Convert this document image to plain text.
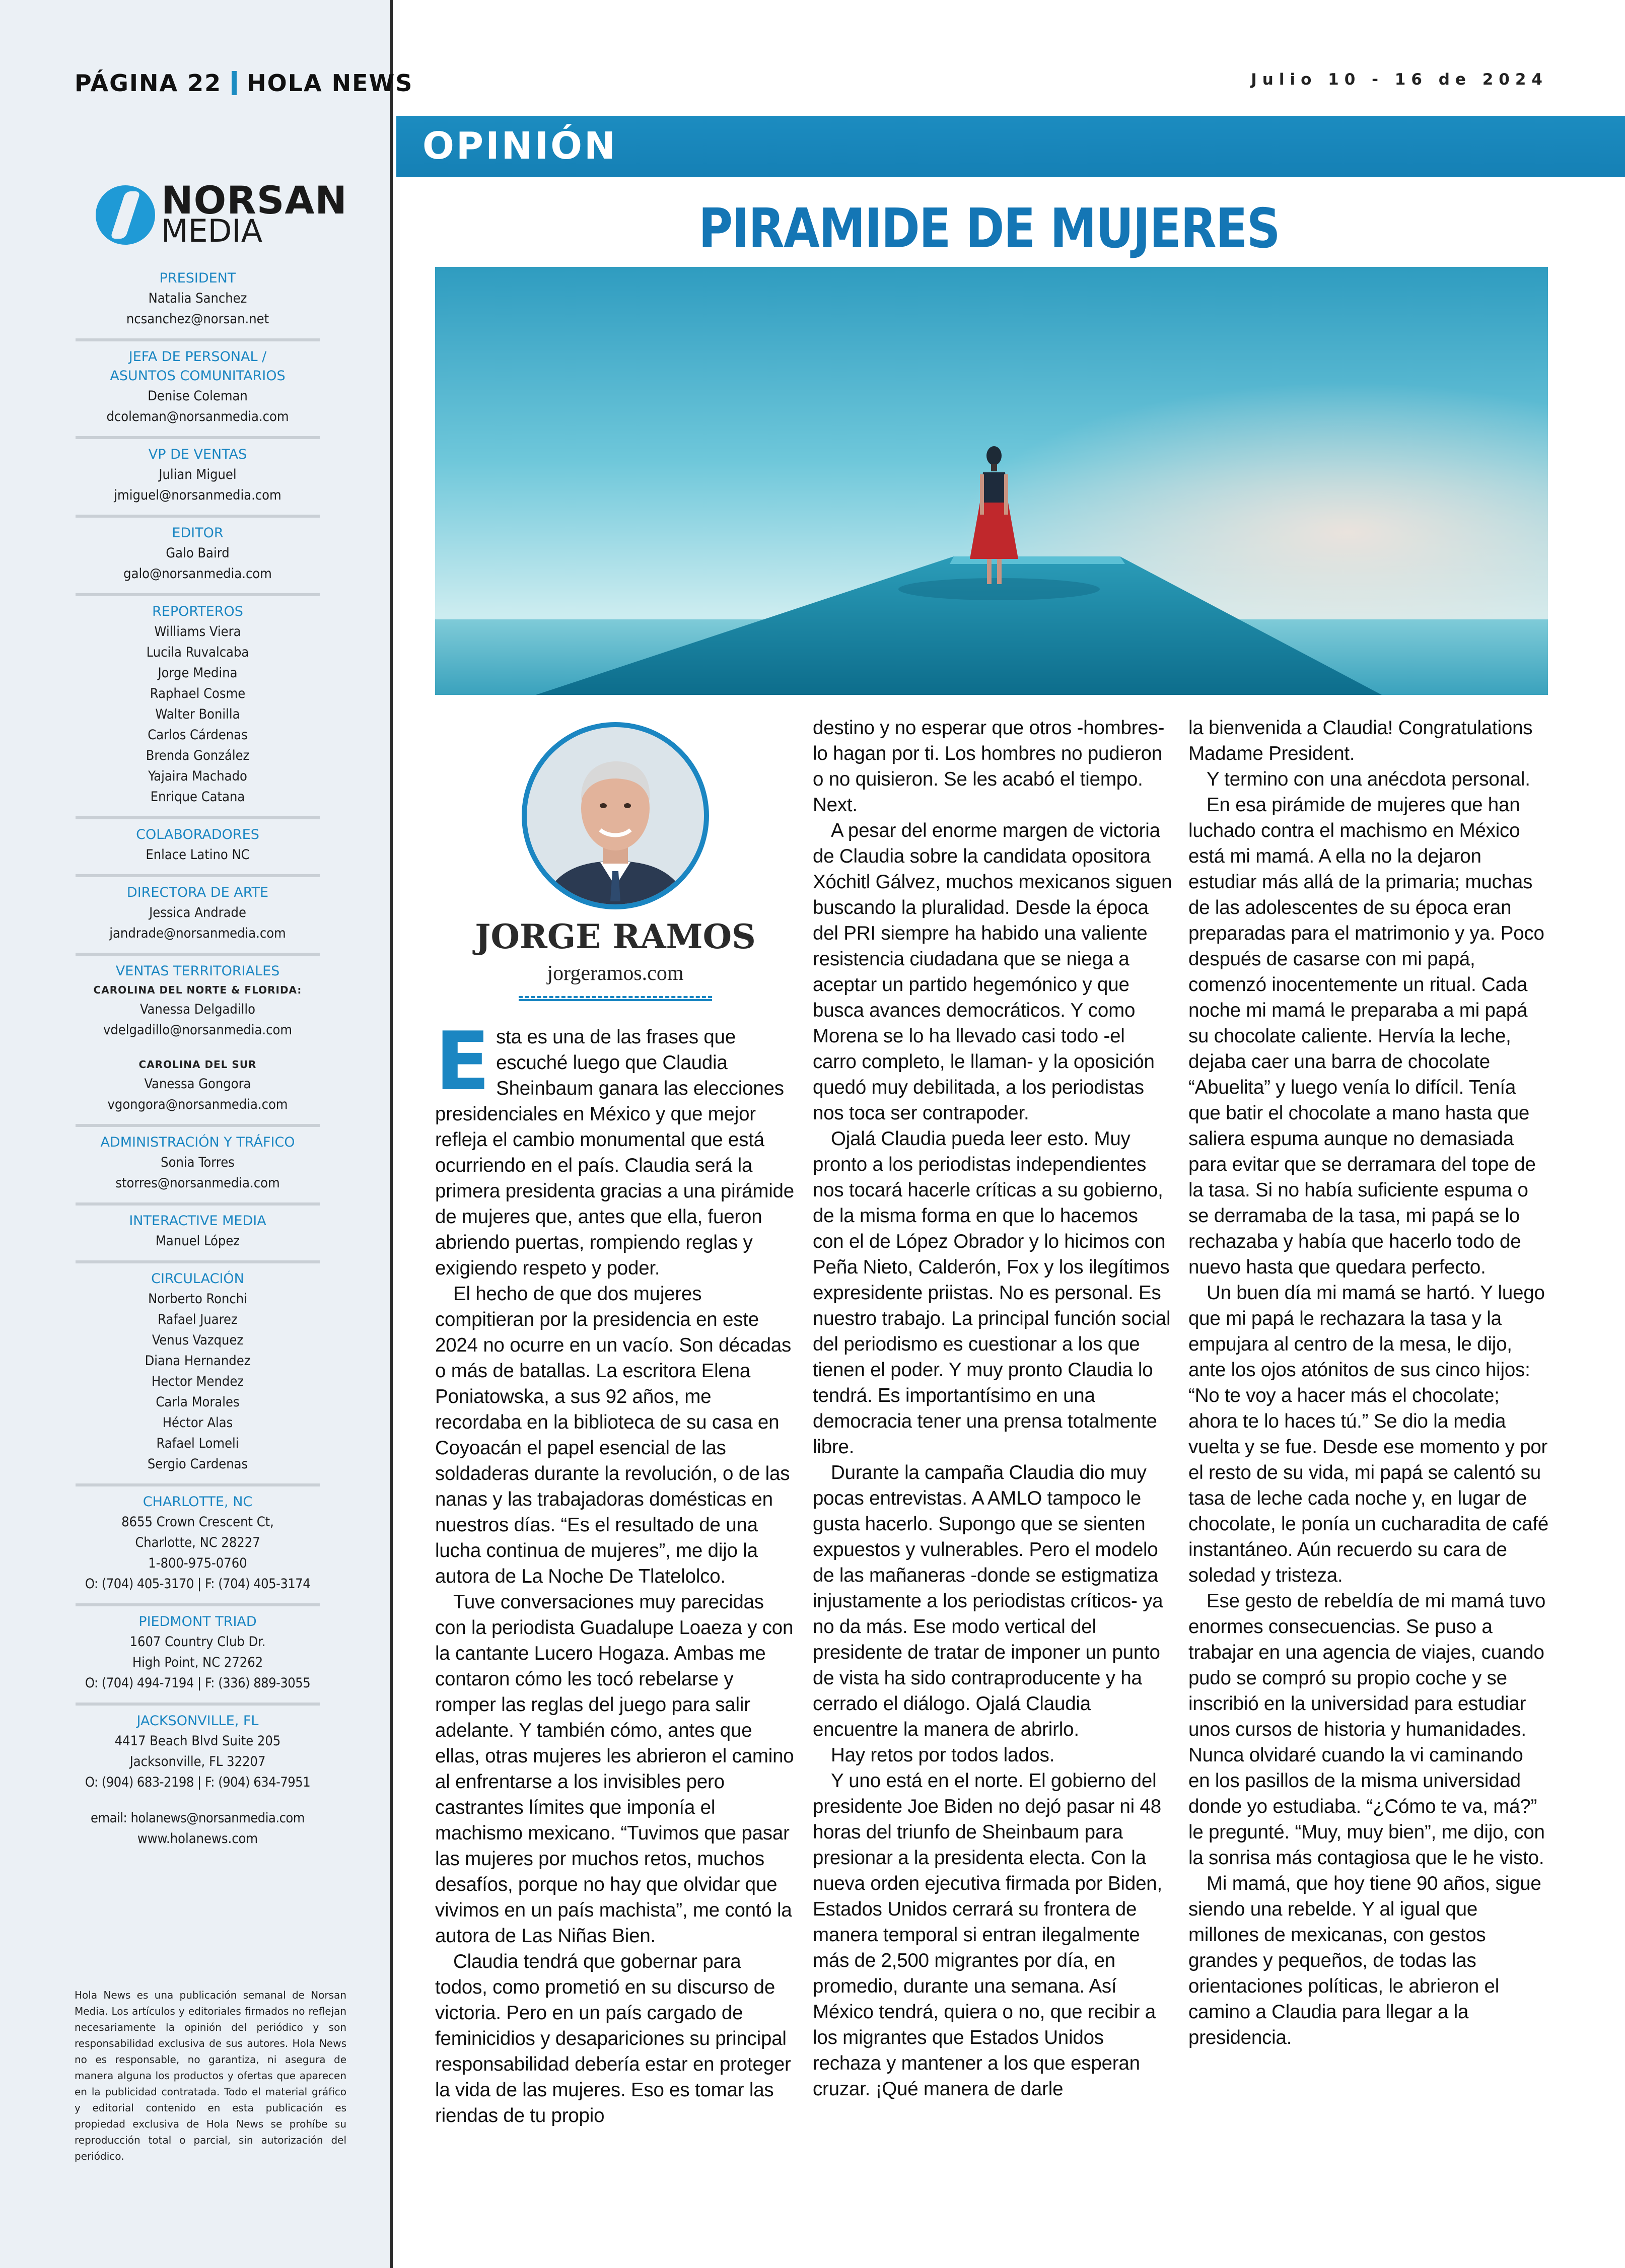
PÁGINA 22 HOLA NEWS
NORSAN
MEDIA
PRESIDENT
Natalia Sanchez
ncsanchez@norsan.net
JEFA DE PERSONAL /
ASUNTOS COMUNITARIOS
Denise Coleman
dcoleman@norsanmedia.com
VP DE VENTAS
Julian Miguel
jmiguel@norsanmedia.com
EDITOR
Galo Baird
galo@norsanmedia.com
REPORTEROS
Williams Viera
Lucila Ruvalcaba
Jorge Medina
Raphael Cosme
Walter Bonilla
Carlos Cárdenas
Brenda González
Yajaira Machado
Enrique Catana
COLABORADORES
Enlace Latino NC
DIRECTORA DE ARTE
Jessica Andrade
jandrade@norsanmedia.com
VENTAS TERRITORIALES
CAROLINA DEL NORTE & FLORIDA:
Vanessa Delgadillo
vdelgadillo@norsanmedia.com
CAROLINA DEL SUR
Vanessa Gongora
vgongora@norsanmedia.com
ADMINISTRACIÓN Y TRÁFICO
Sonia Torres
storres@norsanmedia.com
INTERACTIVE MEDIA
Manuel López
CIRCULACIÓN
Norberto Ronchi
Rafael Juarez
Venus Vazquez
Diana Hernandez
Hector Mendez
Carla Morales
Héctor Alas
Rafael Lomeli
Sergio Cardenas
CHARLOTTE, NC
8655 Crown Crescent Ct,
Charlotte, NC 28227
1-800-975-0760
O: (704) 405-3170 | F: (704) 405-3174
PIEDMONT TRIAD
1607 Country Club Dr.
High Point, NC 27262
O: (704) 494-7194 | F: (336) 889-3055
JACKSONVILLE, FL
4417 Beach Blvd Suite 205
Jacksonville, FL 32207
O: (904) 683-2198 | F: (904) 634-7951
email: holanews@norsanmedia.com
www.holanews.com

Hola News es una publicación semanal de Norsan Media. Los artículos y editoriales firmados no reflejan necesariamente la opinión del periódico y son responsabilidad exclusiva de sus autores. Hola News no es responsable, no garantiza, ni asegura de manera alguna los productos y ofertas que aparecen en la publicidad contratada. Todo el material gráfico y editorial contenido en esta publicación es propiedad exclusiva de Hola News se prohíbe su reproducción total o parcial, sin autorización del periódico.

Julio 10 - 16 de 2024
OPINIÓN
PIRAMIDE DE MUJERES
JORGE RAMOS
jorgeramos.com

Esta es una de las frases que escuché luego que Claudia Sheinbaum ganara las elecciones presidenciales en México y que mejor refleja el cambio monumental que está ocurriendo en el país. Claudia será la primera presidenta gracias a una pirámide de mujeres que, antes que ella, fueron abriendo puertas, rompiendo reglas y exigiendo respeto y poder.

El hecho de que dos mujeres compitieran por la presidencia en este 2024 no ocurre en un vacío. Son décadas o más de batallas. La escritora Elena Poniatowska, a sus 92 años, me recordaba en la biblioteca de su casa en Coyoacán el papel esencial de las soldaderas durante la revolución, o de las nanas y las trabajadoras domésticas en nuestros días. “Es el resultado de una lucha continua de mujeres”, me dijo la autora de La Noche De Tlatelolco.

Tuve conversaciones muy parecidas con la periodista Guadalupe Loaeza y con la cantante Lucero Hogaza. Ambas me contaron cómo les tocó rebelarse y romper las reglas del juego para salir adelante. Y también cómo, antes que ellas, otras mujeres les abrieron el camino al enfrentarse a los invisibles pero castrantes límites que imponía el machismo mexicano. “Tuvimos que pasar las mujeres por muchos retos, muchos desafíos, porque no hay que olvidar que vivimos en un país machista”, me contó la autora de Las Niñas Bien.

Claudia tendrá que gobernar para todos, como prometió en su discurso de victoria. Pero en un país cargado de feminicidios y desapariciones su principal responsabilidad debería estar en proteger la vida de las mujeres. Eso es tomar las riendas de tu propio

destino y no esperar que otros -hombres- lo hagan por ti. Los hombres no pudieron o no quisieron. Se les acabó el tiempo. Next.

A pesar del enorme margen de victoria de Claudia sobre la candidata opositora Xóchitl Gálvez, muchos mexicanos siguen buscando la pluralidad. Desde la época del PRI siempre ha habido una valiente resistencia ciudadana que se niega a aceptar un partido hegemónico y que busca avances democráticos. Y como Morena se lo ha llevado casi todo -el carro completo, le llaman- y la oposición quedó muy debilitada, a los periodistas nos toca ser contrapoder.

Ojalá Claudia pueda leer esto. Muy pronto a los periodistas independientes nos tocará hacerle críticas a su gobierno, de la misma forma en que lo hacemos con el de López Obrador y lo hicimos con Peña Nieto, Calderón, Fox y los ilegítimos expresidente priistas. No es personal. Es nuestro trabajo. La principal función social del periodismo es cuestionar a los que tienen el poder. Y muy pronto Claudia lo tendrá. Es importantísimo en una democracia tener una prensa totalmente libre.

Durante la campaña Claudia dio muy pocas entrevistas. A AMLO tampoco le gusta hacerlo. Supongo que se sienten expuestos y vulnerables. Pero el modelo de las mañaneras -donde se estigmatiza injustamente a los periodistas críticos- ya no da más. Ese modo vertical del presidente de tratar de imponer un punto de vista ha sido contraproducente y ha cerrado el diálogo. Ojalá Claudia encuentre la manera de abrirlo.

Hay retos por todos lados.

Y uno está en el norte. El gobierno del presidente Joe Biden no dejó pasar ni 48 horas del triunfo de Sheinbaum para presionar a la presidenta electa. Con la nueva orden ejecutiva firmada por Biden, Estados Unidos cerrará su frontera de manera temporal si entran ilegalmente más de 2,500 migrantes por día, en promedio, durante una semana. Así México tendrá, quiera o no, que recibir a los migrantes que Estados Unidos rechaza y mantener a los que esperan cruzar. ¡Qué manera de darle

la bienvenida a Claudia! Congratulations Madame President.

Y termino con una anécdota personal.

En esa pirámide de mujeres que han luchado contra el machismo en México está mi mamá. A ella no la dejaron estudiar más allá de la primaria; muchas de las adolescentes de su época eran preparadas para el matrimonio y ya. Poco después de casarse con mi papá, comenzó inocentemente un ritual. Cada noche mi mamá le preparaba a mi papá su chocolate caliente. Hervía la leche, dejaba caer una barra de chocolate “Abuelita” y luego venía lo difícil. Tenía que batir el chocolate a mano hasta que saliera espuma aunque no demasiada para evitar que se derramara del tope de la tasa. Si no había suficiente espuma o se derramaba de la tasa, mi papá se lo rechazaba y había que hacerlo todo de nuevo hasta que quedara perfecto.

Un buen día mi mamá se hartó. Y luego que mi papá le rechazara la tasa y la empujara al centro de la mesa, le dijo, ante los ojos atónitos de sus cinco hijos: “No te voy a hacer más el chocolate; ahora te lo haces tú.” Se dio la media vuelta y se fue. Desde ese momento y por el resto de su vida, mi papá se calentó su tasa de leche cada noche y, en lugar de chocolate, le ponía un cucharadita de café instantáneo. Aún recuerdo su cara de soledad y tristeza.

Ese gesto de rebeldía de mi mamá tuvo enormes consecuencias. Se puso a trabajar en una agencia de viajes, cuando pudo se compró su propio coche y se inscribió en la universidad para estudiar unos cursos de historia y humanidades. Nunca olvidaré cuando la vi caminando en los pasillos de la misma universidad donde yo estudiaba. “¿Cómo te va, má?” le pregunté. “Muy, muy bien”, me dijo, con la sonrisa más contagiosa que le he visto.

Mi mamá, que hoy tiene 90 años, sigue siendo una rebelde. Y al igual que millones de mexicanas, con gestos grandes y pequeños, de todas las orientaciones políticas, le abrieron el camino a Claudia para llegar a la presidencia.
